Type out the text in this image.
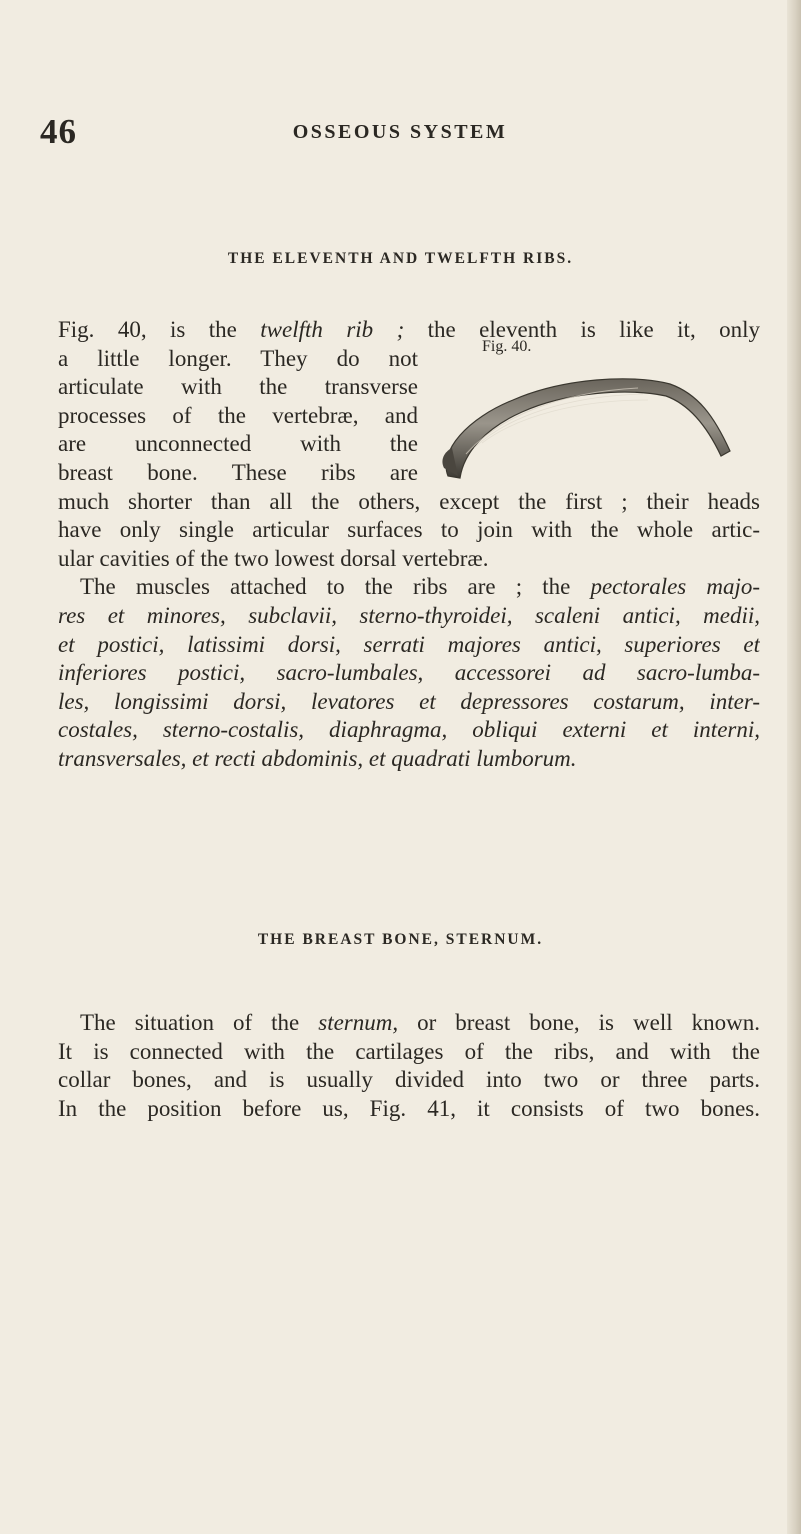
46	OSSEOUS SYSTEM
THE ELEVENTH AND TWELFTH RIBS.
Fig. 40.
Fig. 40, is the twelfth rib ; the eleventh is like it, only
a little longer. They do not
articulate with the transverse
processes of the vertebræ, and
are unconnected with the
breast bone. These ribs are
much shorter than all the others, except the first ; their heads
have only single articular surfaces to join with the whole artic-
ular cavities of the two lowest dorsal vertebræ.
The muscles attached to the ribs are ; the pectorales majo-
res et minores, subclavii, sterno-thyroidei, scaleni antici, medii,
et postici, latissimi dorsi, serrati majores antici, superiores et
inferiores postici, sacro-lumbales, accessorei ad sacro-lumba-
les, longissimi dorsi, levatores et depressores costarum, inter-
costales, sterno-costalis, diaphragma, obliqui externi et interni,
transversales, et recti abdominis, et quadrati lumborum.
THE BREAST BONE, STERNUM.
The situation of the sternum, or breast bone, is well known.
It is connected with the cartilages of the ribs, and with the
collar bones, and is usually divided into two or three parts.
In the position before us, Fig. 41, it consists of two bones.
